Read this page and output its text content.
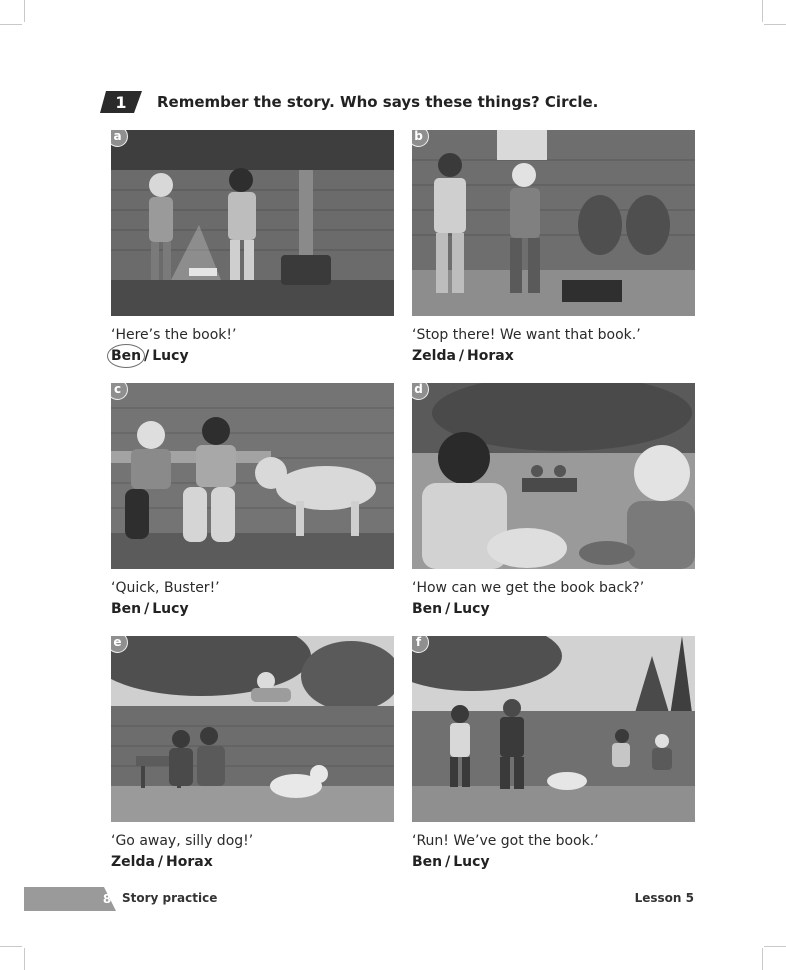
1	Remember the story. Who says these things? Circle.
a
‘Here’s the book!’
Ben / Lucy
b
‘Stop there! We want that book.’
Zelda / Horax
c
‘Quick, Buster!’
Ben / Lucy
d
‘How can we get the book back?’
Ben / Lucy
e
‘Go away, silly dog!’
Zelda / Horax
f
‘Run! We’ve got the book.’
Ben / Lucy
8 Story practice	Lesson 5
